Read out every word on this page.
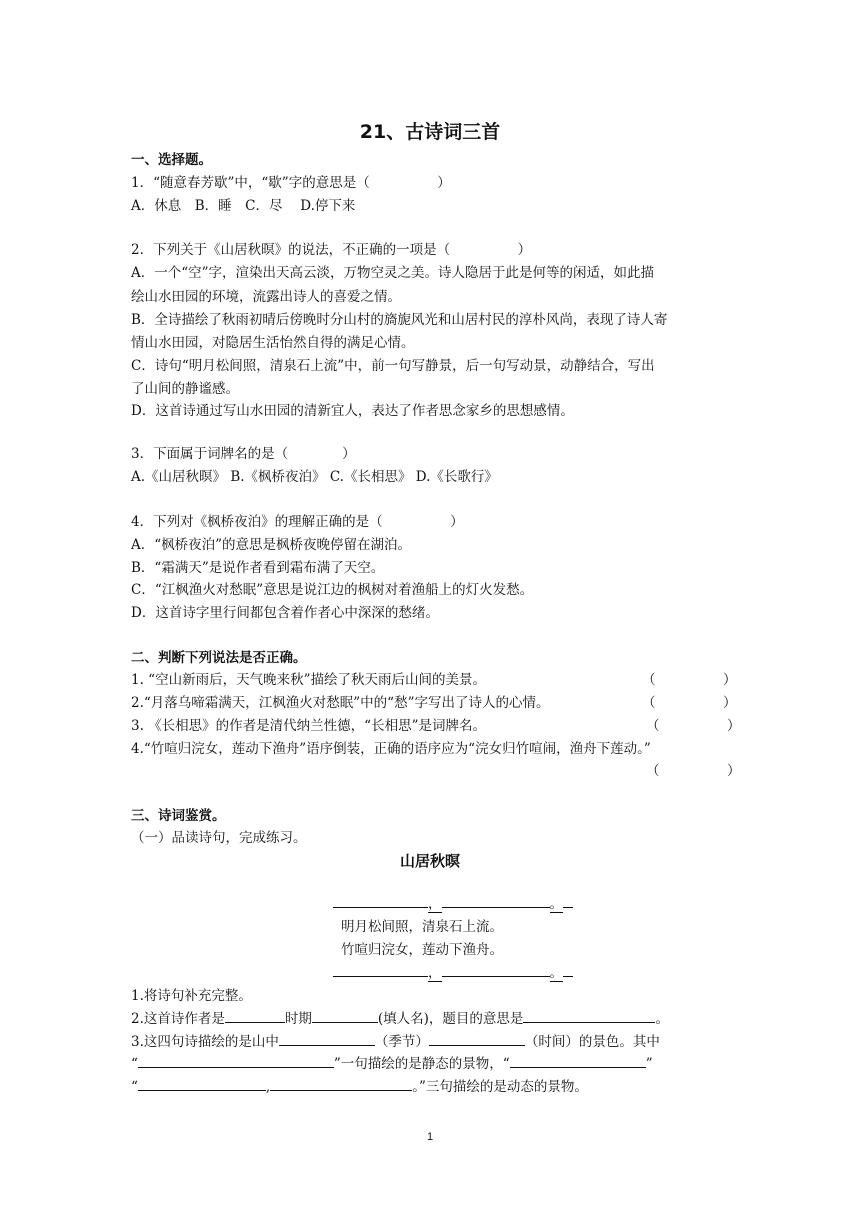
21、古诗词三首
一、选择题。
1．“随意春芳歇”中，“歇”字的意思是（　　　　　）
A．休息　B．睡　C．尽　 D.停下来
2．下列关于《山居秋暝》的说法，不正确的一项是（　　　　　）
A．一个“空”字，渲染出天高云淡，万物空灵之美。诗人隐居于此是何等的闲适，如此描
绘山水田园的环境，流露出诗人的喜爱之情。
B．全诗描绘了秋雨初晴后傍晚时分山村的旖旎风光和山居村民的淳朴风尚，表现了诗人寄
情山水田园，对隐居生活怡然自得的满足心情。
C．诗句“明月松间照，清泉石上流”中，前一句写静景，后一句写动景，动静结合，写出
了山间的静谧感。
D．这首诗通过写山水田园的清新宜人，表达了作者思念家乡的思想感情。
3．下面属于词牌名的是（　　　　）
A.《山居秋暝》 B.《枫桥夜泊》 C.《长相思》 D.《长歌行》
4．下列对《枫桥夜泊》的理解正确的是（　　　　　）
A．“枫桥夜泊”的意思是枫桥夜晚停留在湖泊。
B．“霜满天”是说作者看到霜布满了天空。
C．“江枫渔火对愁眠”意思是说江边的枫树对着渔船上的灯火发愁。
D．这首诗字里行间都包含着作者心中深深的愁绪。
二、判断下列说法是否正确。
1. “空山新雨后，天气晚来秋”描绘了秋天雨后山间的美景。	（　　　　　）
2.“月落乌啼霜满天，江枫渔火对愁眠”中的“愁”字写出了诗人的心情。	（　　　　　）
3. 《长相思》的作者是清代纳兰性德，“长相思”是词牌名。	（　　　　　）
4.“竹喧归浣女，莲动下渔舟”语序倒装，正确的语序应为“浣女归竹喧闹，渔舟下莲动。”
（　　　　　）
三、诗词鉴赏。
（一）品读诗句，完成练习。
山居秋暝
，	。
明月松间照，清泉石上流。
竹喧归浣女，莲动下渔舟。
，	。
1.将诗句补充完整。
2.这首诗作者是	时期	(填人名)，题目的意思是	。
3.这四句诗描绘的是山中	（季节）	（时间）的景色。其中
“	”一句描绘的是静态的景物，“	”
“	,	。”三句描绘的是动态的景物。
1
